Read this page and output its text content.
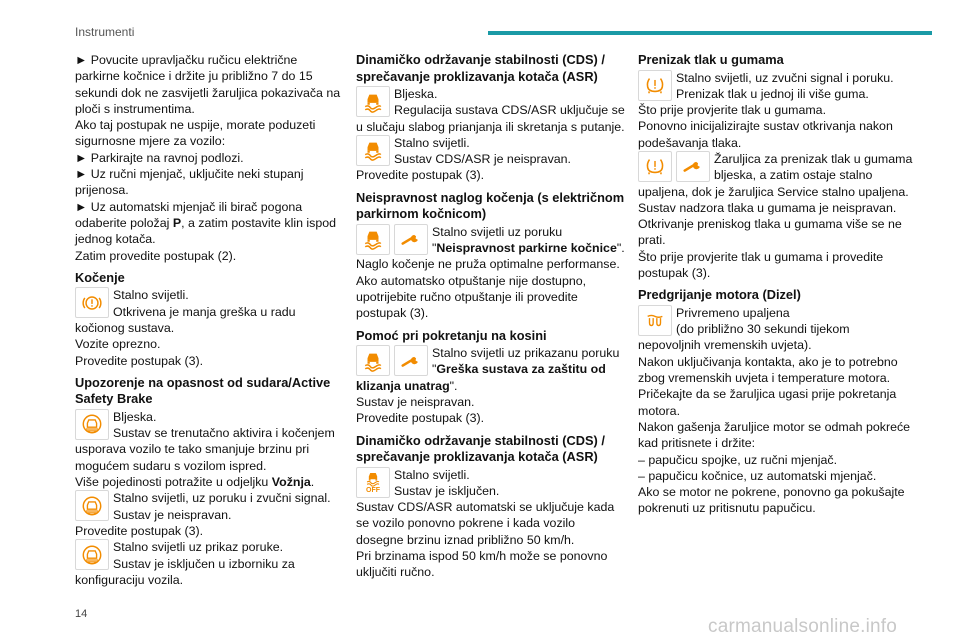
Instrumenti

► Povucite upravljačku ručicu električne parkirne kočnice i držite ju približno 7 do 15 sekundi dok ne zasvijetli žaruljica pokazivača na ploči s instrumentima.

Ako taj postupak ne uspije, morate poduzeti sigurnosne mjere za vozilo:

► Parkirajte na ravnoj podlozi.

► Uz ručni mjenjač, uključite neki stupanj prijenosa.

► Uz automatski mjenjač ili birač pogona odaberite položaj P, a zatim postavite klin ispod jednog kotača.

Zatim provedite postupak (2).

Kočenje

Stalno svijetli.
Otkrivena je manja greška u radu kočionog sustava.

Vozite oprezno.

Provedite postupak (3).

Upozorenje na opasnost od sudara/Active Safety Brake

Bljeska.
Sustav se trenutačno aktivira i kočenjem usporava vozilo te tako smanjuje brzinu pri mogućem sudaru s vozilom ispred.

Više pojedinosti potražite u odjeljku Vožnja.

Stalno svijetli, uz poruku i zvučni signal.
Sustav je neispravan.

Provedite postupak (3).

Stalno svijetli uz prikaz poruke.
Sustav je isključen u izborniku za konfiguraciju vozila.

Dinamičko održavanje stabilnosti (CDS) / sprečavanje proklizavanja kotača (ASR)

Bljeska.
Regulacija sustava CDS/ASR uključuje se u slučaju slabog prianjanja ili skretanja s putanje.
Stalno svijetli.
Sustav CDS/ASR je neispravan.

Provedite postupak (3).

Neispravnost naglog kočenja (s električnom parkirnom kočnicom)

Stalno svijetli uz poruku "Neispravnost parkirne kočnice". Naglo kočenje ne pruža optimalne performanse. Ako automatsko otpuštanje nije dostupno, upotrijebite ručno otpuštanje ili provedite postupak (3).

Pomoć pri pokretanju na kosini

Stalno svijetli uz prikazanu poruku "Greška sustava za zaštitu od klizanja unatrag".

Sustav je neispravan.

Provedite postupak (3).

Dinamičko održavanje stabilnosti (CDS) / sprečavanje proklizavanja kotača (ASR)

OFF
Stalno svijetli.
Sustav je isključen.

Sustav CDS/ASR automatski se uključuje kada se vozilo ponovno pokrene i kada vozilo dosegne brzinu iznad približno 50 km/h.

Pri brzinama ispod 50 km/h može se ponovno uključiti ručno.

Prenizak tlak u gumama

Stalno svijetli, uz zvučni signal i poruku.
Prenizak tlak u jednoj ili više guma.

Što prije provjerite tlak u gumama.

Ponovno inicijalizirajte sustav otkrivanja nakon podešavanja tlaka.

Žaruljica za prenizak tlak u gumama bljeska, a zatim ostaje stalno upaljena, dok je žaruljica Service stalno upaljena.

Sustav nadzora tlaka u gumama je neispravan. Otkrivanje preniskog tlaka u gumama više se ne prati.

Što prije provjerite tlak u gumama i provedite postupak (3).

Predgrijanje motora (Dizel)

Privremeno upaljena
(do približno 30 sekundi tijekom nepovoljnih vremenskih uvjeta).

Nakon uključivanja kontakta, ako je to potrebno zbog vremenskih uvjeta i temperature motora. Pričekajte da se žaruljica ugasi prije pokretanja motora.

Nakon gašenja žaruljice motor se odmah pokreće kad pritisnete i držite:

– papučicu spojke, uz ručni mjenjač.

– papučicu kočnice, uz automatski mjenjač.

Ako se motor ne pokrene, ponovno ga pokušajte pokrenuti uz pritisnutu papučicu.

14
carmanualsonline.info
